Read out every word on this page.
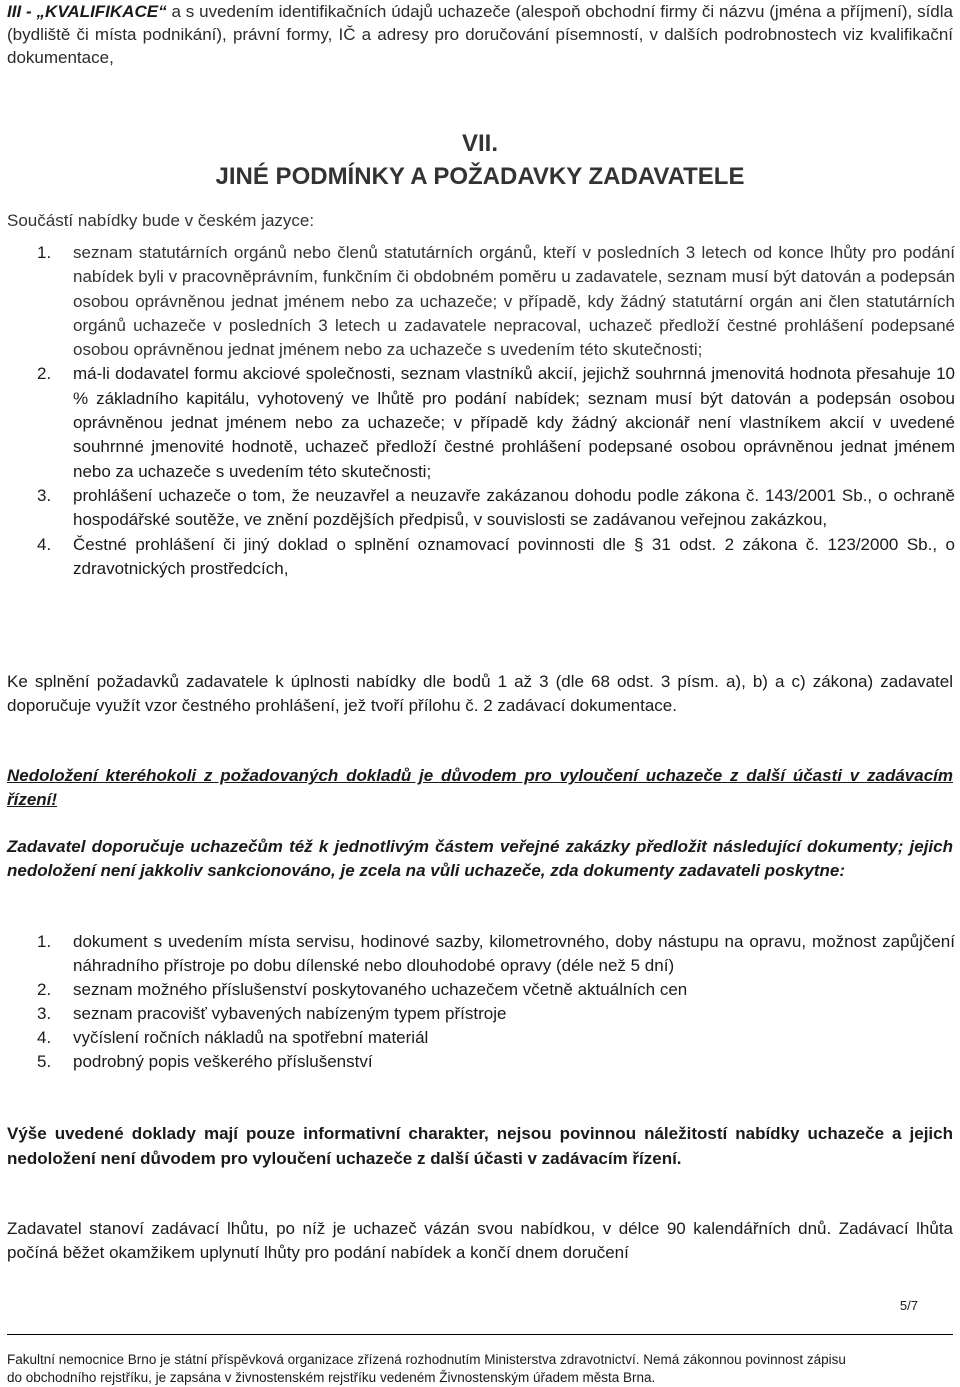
III - „KVALIFIKACE“ a s uvedením identifikačních údajů uchazeče (alespoň obchodní firmy či názvu (jména a příjmení), sídla (bydliště či místa podnikání), právní formy, IČ a adresy pro doručování písemností, v dalších podrobnostech viz kvalifikační dokumentace,

VII.
JINÉ PODMÍNKY A POŽADAVKY ZADAVATELE
Součástí nabídky bude v českém jazyce:
1. seznam statutárních orgánů nebo členů statutárních orgánů, kteří v posledních 3 letech od konce lhůty pro podání nabídek byli v pracovněprávním, funkčním či obdobném poměru u zadavatele, seznam musí být datován a podepsán osobou oprávněnou jednat jménem nebo za uchazeče; v případě, kdy žádný statutární orgán ani člen statutárních orgánů uchazeče v posledních 3 letech u zadavatele nepracoval, uchazeč předloží čestné prohlášení podepsané osobou oprávněnou jednat jménem nebo za uchazeče s uvedením této skutečnosti;
2. má-li dodavatel formu akciové společnosti, seznam vlastníků akcií, jejichž souhrnná jmenovitá hodnota přesahuje 10 % základního kapitálu, vyhotovený ve lhůtě pro podání nabídek; seznam musí být datován a podepsán osobou oprávněnou jednat jménem nebo za uchazeče; v případě kdy žádný akcionář není vlastníkem akcií v uvedené souhrnné jmenovité hodnotě, uchazeč předloží čestné prohlášení podepsané osobou oprávněnou jednat jménem nebo za uchazeče s uvedením této skutečnosti;
3. prohlášení uchazeče o tom, že neuzavřel a neuzavře zakázanou dohodu podle zákona č. 143/2001 Sb., o ochraně hospodářské soutěže, ve znění pozdějších předpisů, v souvislosti se zadávanou veřejnou zakázkou,
4. Čestné prohlášení či jiný doklad o splnění oznamovací povinnosti dle § 31 odst. 2 zákona č. 123/2000 Sb., o zdravotnických prostředcích,

Ke splnění požadavků zadavatele k úplnosti nabídky dle bodů 1 až 3 (dle 68 odst. 3 písm. a), b) a c) zákona) zadavatel doporučuje využít vzor čestného prohlášení, jež tvoří přílohu č. 2 zadávací dokumentace.

Nedoložení kteréhokoli z požadovaných dokladů je důvodem pro vyloučení uchazeče z další účasti v zadávacím řízení!

Zadavatel doporučuje uchazečům též k jednotlivým částem veřejné zakázky předložit následující dokumenty; jejich nedoložení není jakkoliv sankcionováno, je zcela na vůli uchazeče, zda dokumenty zadavateli poskytne:

1. dokument s uvedením místa servisu, hodinové sazby, kilometrovného, doby nástupu na opravu, možnost zapůjčení náhradního přístroje po dobu dílenské nebo dlouhodobé opravy (déle než 5 dní)
2. seznam možného příslušenství poskytovaného uchazečem včetně aktuálních cen
3. seznam pracovišť vybavených nabízeným typem přístroje
4. vyčíslení ročních nákladů na spotřební materiál
5. podrobný popis veškerého příslušenství

Výše uvedené doklady mají pouze informativní charakter, nejsou povinnou náležitostí nabídky uchazeče a jejich nedoložení není důvodem pro vyloučení uchazeče z další účasti v zadávacím řízení.

Zadavatel stanoví zadávací lhůtu, po níž je uchazeč vázán svou nabídkou, v délce 90 kalendářních dnů. Zadávací lhůta počíná běžet okamžikem uplynutí lhůty pro podání nabídek a končí dnem doručení

5/7
Fakultní nemocnice Brno je státní příspěvková organizace zřízená rozhodnutím Ministerstva zdravotnictví. Nemá zákonnou povinnost zápisu
do obchodního rejstříku, je zapsána v živnostenském rejstříku vedeném Živnostenským úřadem města Brna.
